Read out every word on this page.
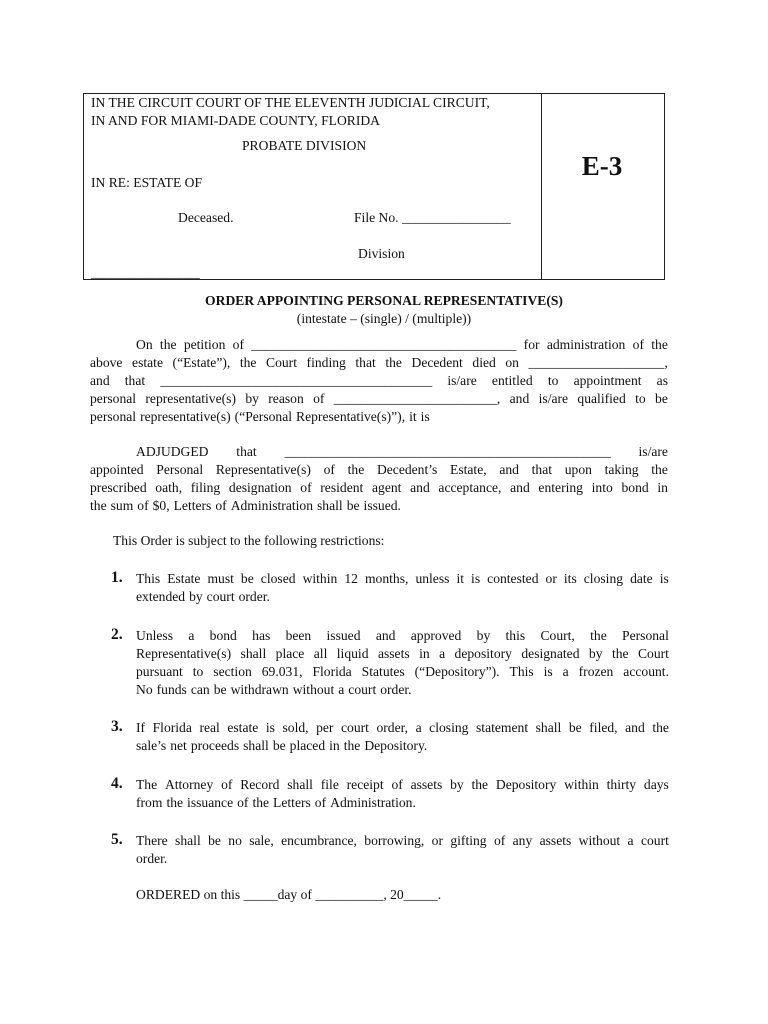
IN THE CIRCUIT COURT OF THE ELEVENTH JUDICIAL CIRCUIT,

IN AND FOR MIAMI-DADE COUNTY, FLORIDA

PROBATE DIVISION

IN RE: ESTATE OF

Deceased.	File No. ________________

Division

________________

E-3

ORDER APPOINTING PERSONAL REPRESENTATIVE(S)

(intestate – (single) / (multiple))

On the petition of _______________________________________ for administration of the
above estate (“Estate”), the Court finding that the Decedent died on ____________________,
and that ________________________________________ is/are entitled to appointment as
personal representative(s) by reason of ________________________, and is/are qualified to be
personal representative(s) (“Personal Representative(s)”), it is
ADJUDGED that ________________________________________________ is/are
appointed Personal Representative(s) of the Decedent’s Estate, and that upon taking the
prescribed oath, filing designation of resident agent and acceptance, and entering into bond in
the sum of $0, Letters of Administration shall be issued.

This Order is subject to the following restrictions:

1. This Estate must be closed within 12 months, unless it is contested or its closing date is
extended by court order.
2. Unless a bond has been issued and approved by this Court, the Personal
Representative(s) shall place all liquid assets in a depository designated by the Court
pursuant to section 69.031, Florida Statutes (“Depository”). This is a frozen account.
No funds can be withdrawn without a court order.
3. If Florida real estate is sold, per court order, a closing statement shall be filed, and the
sale’s net proceeds shall be placed in the Depository.
4. The Attorney of Record shall file receipt of assets by the Depository within thirty days
from the issuance of the Letters of Administration.
5. There shall be no sale, encumbrance, borrowing, or gifting of any assets without a court
order.

ORDERED on this _____day of __________, 20_____.
